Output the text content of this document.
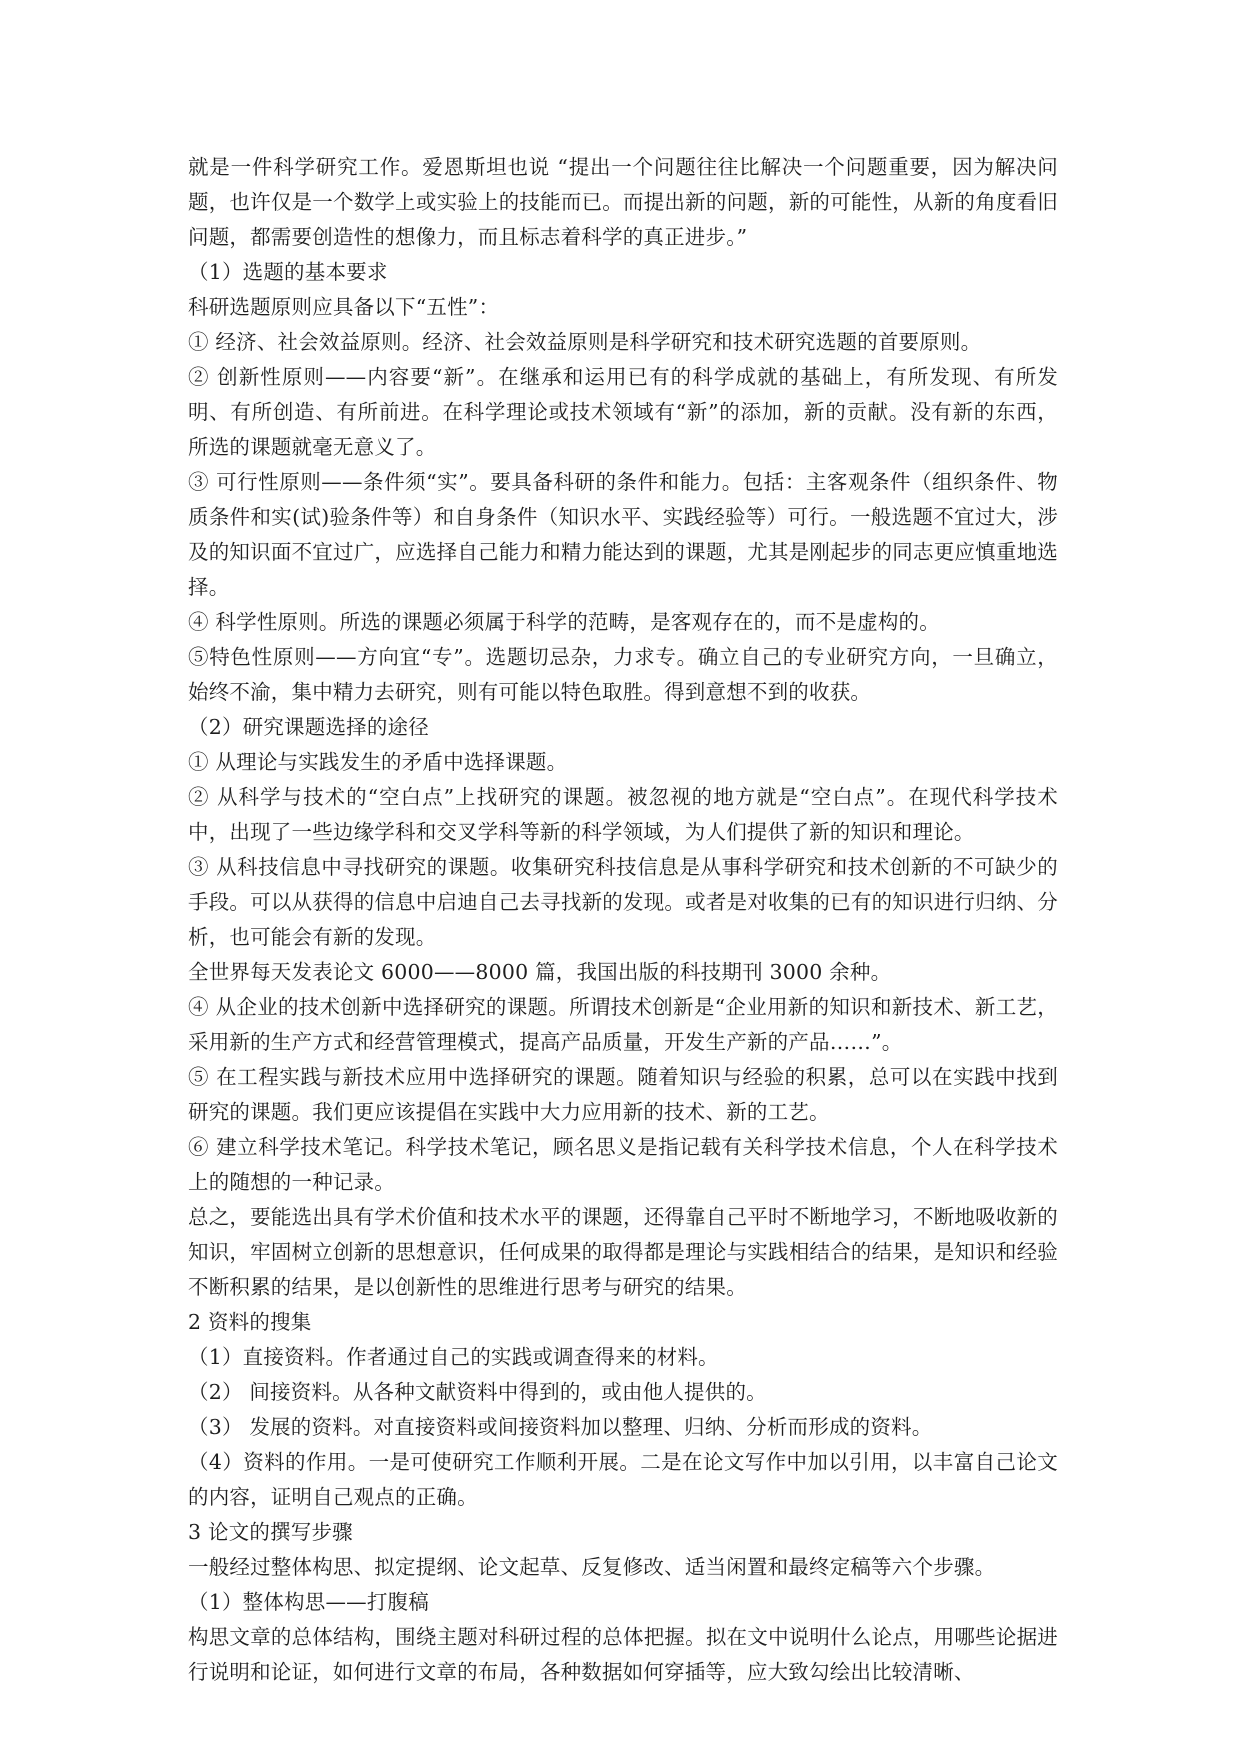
就是一件科学研究工作。爱恩斯坦也说 “提出一个问题往往比解决一个问题重要，因为解决问题，也许仅是一个数学上或实验上的技能而已。而提出新的问题，新的可能性，从新的角度看旧问题，都需要创造性的想像力，而且标志着科学的真正进步。”

（1）选题的基本要求

科研选题原则应具备以下“五性”：

① 经济、社会效益原则。经济、社会效益原则是科学研究和技术研究选题的首要原则。

② 创新性原则——内容要“新”。在继承和运用已有的科学成就的基础上，有所发现、有所发明、有所创造、有所前进。在科学理论或技术领域有“新”的添加，新的贡献。没有新的东西，所选的课题就毫无意义了。

③ 可行性原则——条件须“实”。要具备科研的条件和能力。包括：主客观条件（组织条件、物质条件和实(试)验条件等）和自身条件（知识水平、实践经验等）可行。一般选题不宜过大，涉及的知识面不宜过广，应选择自己能力和精力能达到的课题，尤其是刚起步的同志更应慎重地选择。

④ 科学性原则。所选的课题必须属于科学的范畴，是客观存在的，而不是虚构的。

⑤特色性原则——方向宜“专”。选题切忌杂，力求专。确立自己的专业研究方向，一旦确立，始终不渝，集中精力去研究，则有可能以特色取胜。得到意想不到的收获。

（2）研究课题选择的途径

① 从理论与实践发生的矛盾中选择课题。

② 从科学与技术的“空白点”上找研究的课题。被忽视的地方就是“空白点”。在现代科学技术中，出现了一些边缘学科和交叉学科等新的科学领域，为人们提供了新的知识和理论。

③ 从科技信息中寻找研究的课题。收集研究科技信息是从事科学研究和技术创新的不可缺少的手段。可以从获得的信息中启迪自己去寻找新的发现。或者是对收集的已有的知识进行归纳、分析，也可能会有新的发现。

全世界每天发表论文 6000——8000 篇，我国出版的科技期刊 3000 余种。

④ 从企业的技术创新中选择研究的课题。所谓技术创新是“企业用新的知识和新技术、新工艺，采用新的生产方式和经营管理模式，提高产品质量，开发生产新的产品……”。

⑤ 在工程实践与新技术应用中选择研究的课题。随着知识与经验的积累，总可以在实践中找到研究的课题。我们更应该提倡在实践中大力应用新的技术、新的工艺。

⑥ 建立科学技术笔记。科学技术笔记，顾名思义是指记载有关科学技术信息，个人在科学技术上的随想的一种记录。

总之，要能选出具有学术价值和技术水平的课题，还得靠自己平时不断地学习，不断地吸收新的知识，牢固树立创新的思想意识，任何成果的取得都是理论与实践相结合的结果，是知识和经验不断积累的结果，是以创新性的思维进行思考与研究的结果。

2 资料的搜集

（1）直接资料。作者通过自己的实践或调查得来的材料。

（2） 间接资料。从各种文献资料中得到的，或由他人提供的。

（3） 发展的资料。对直接资料或间接资料加以整理、归纳、分析而形成的资料。

（4）资料的作用。一是可使研究工作顺利开展。二是在论文写作中加以引用，以丰富自己论文的内容，证明自己观点的正确。

3 论文的撰写步骤

一般经过整体构思、拟定提纲、论文起草、反复修改、适当闲置和最终定稿等六个步骤。

（1）整体构思——打腹稿

构思文章的总体结构，围绕主题对科研过程的总体把握。拟在文中说明什么论点，用哪些论据进行说明和论证，如何进行文章的布局，各种数据如何穿插等，应大致勾绘出比较清晰、
